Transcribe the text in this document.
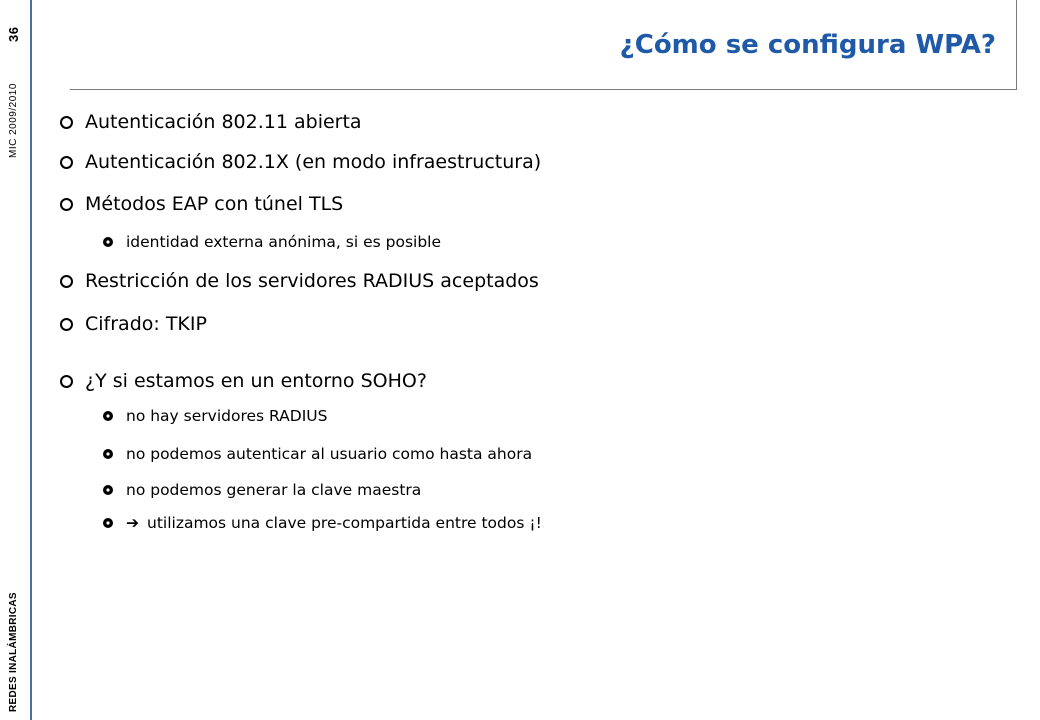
36
MIC 2009/2010
REDES INALÁMBRICAS
¿Cómo se configura WPA?
Autenticación 802.11 abierta
Autenticación 802.1X (en modo infraestructura)
Métodos EAP con túnel TLS
identidad externa anónima, si es posible
Restricción de los servidores RADIUS aceptados
Cifrado: TKIP
¿Y si estamos en un entorno SOHO?
no hay servidores RADIUS
no podemos autenticar al usuario como hasta ahora
no podemos generar la clave maestra
➔ utilizamos una clave pre-compartida entre todos ¡!
